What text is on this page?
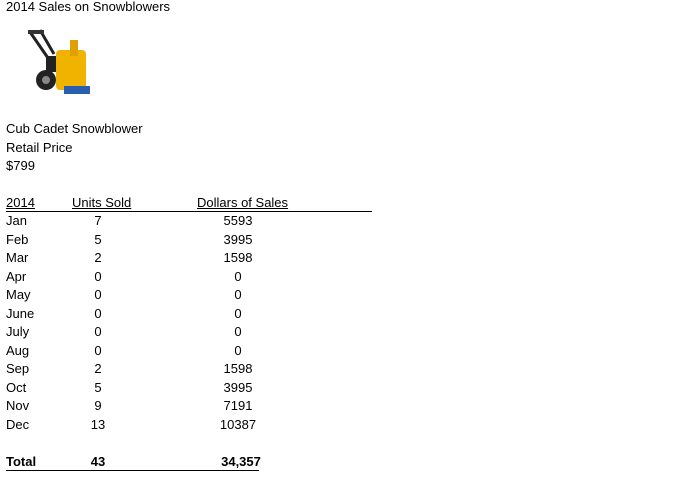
2014 Sales on Snowblowers
Cub Cadet Snowblower
Retail Price
$799
2014	Units Sold	Dollars of Sales
Jan	7	5593
Feb	5	3995
Mar	2	1598
Apr	0	0
May	0	0
June	0	0
July	0	0
Aug	0	0
Sep	2	1598
Oct	5	3995
Nov	9	7191
Dec	13	10387
Total	43	34,357
